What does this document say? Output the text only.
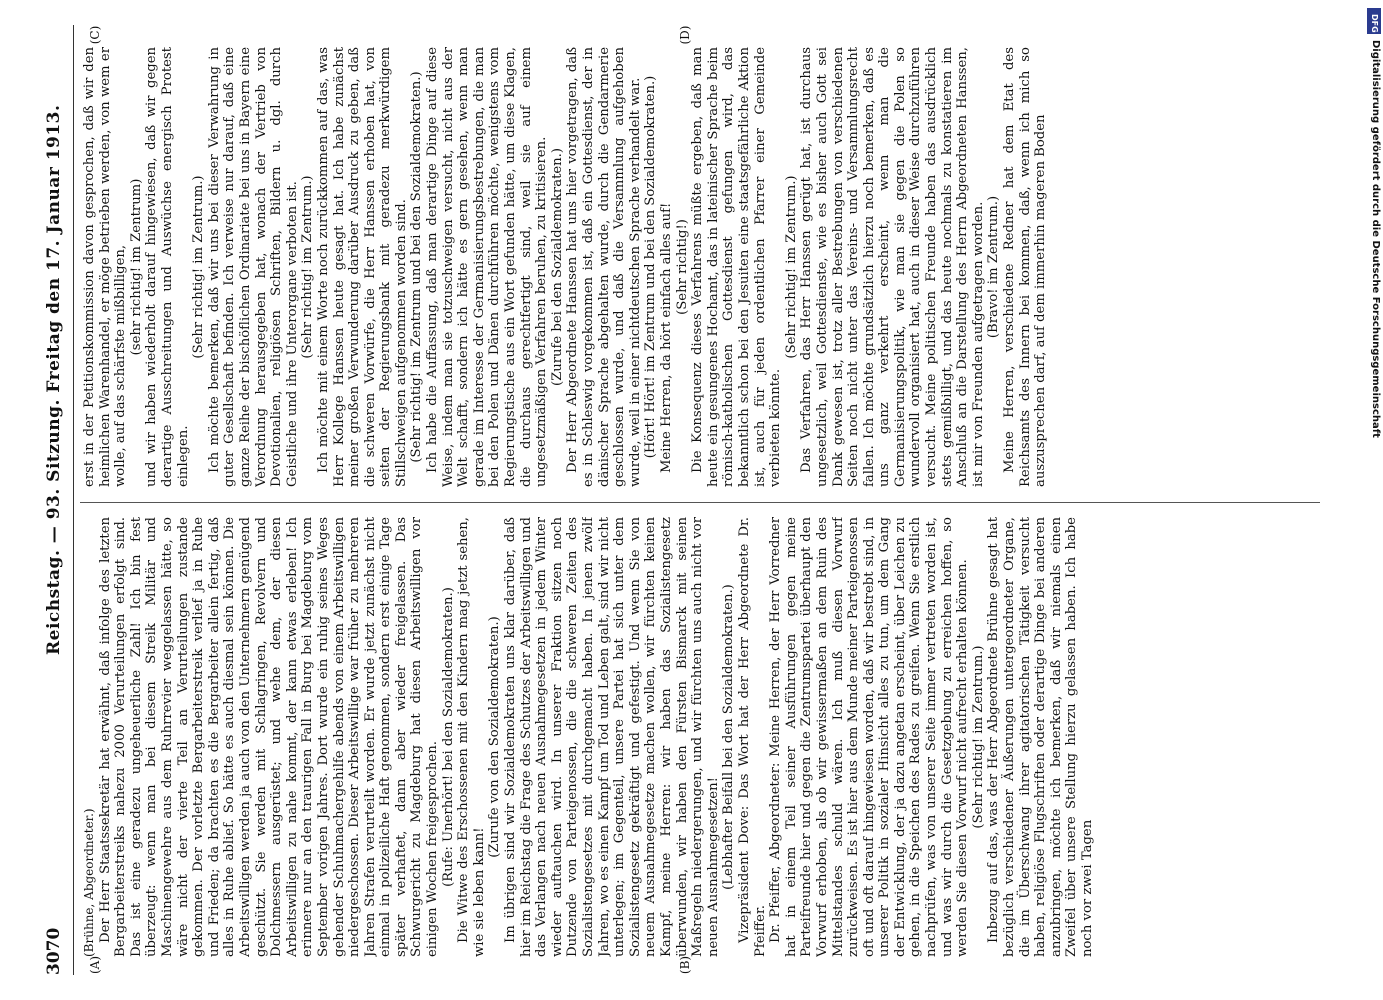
3070
Reichstag. — 93. Sitzung. Freitag den 17. Januar 1913.
(A)	(B)
(C)	(D)

(Brühne, Abgeordneter.) Der Herr Staatssekretär hat erwähnt, daß infolge des letzten Bergarbeiterstreiks nahezu 2000 Verurteilungen erfolgt sind. Das ist eine geradezu ungeheuerliche Zahl! Ich bin fest überzeugt: wenn man bei diesem Streik Militär und Maschinengewehre aus dem Ruhrrevier weggelassen hätte, so wäre nicht der vierte Teil an Verurteilungen zustande gekommen. Der vorletzte Bergarbeiterstreik verlief ja in Ruhe und Frieden; da brachten es die Bergarbeiter allein fertig, daß alles in Ruhe ablief. So hätte es auch diesmal sein können. Die Arbeitswilligen werden ja auch von den Unternehmern genügend geschützt. Sie werden mit Schlagringen, Revolvern und Dolchmessern ausgerüstet; und wehe dem, der diesen Arbeitswilligen zu nahe kommt, der kann etwas erleben! Ich erinnere nur an den traurigen Fall in Burg bei Magdeburg vom September vorigen Jahres. Dort wurde ein ruhig seines Weges gehender Schuhmachergehilfe abends von einem Arbeitswilligen niedergeschossen. Dieser Arbeitswillige war früher zu mehreren Jahren Strafen verurteilt worden. Er wurde jetzt zunächst nicht einmal in polizeiliche Haft genommen, sondern erst einige Tage später verhaftet, dann aber wieder freigelassen. Das Schwurgericht zu Magdeburg hat diesen Arbeitswilligen vor einigen Wochen freigesprochen. (Rufe: Unerhört! bei den Sozialdemokraten.) Die Witwe des Erschossenen mit den Kindern mag jetzt sehen, wie sie leben kann!

(Zurufe von den Sozialdemokraten.) Im übrigen sind wir Sozialdemokraten uns klar darüber, daß hier im Reichstag die Frage des Schutzes der Arbeitswilligen und das Verlangen nach neuen Ausnahmegesetzen in jedem Winter wieder auftauchen wird. In unserer Fraktion sitzen noch Dutzende von Parteigenossen, die die schweren Zeiten des Sozialistengesetzes mit durchgemacht haben. In jenen zwölf Jahren, wo es einen Kampf um Tod und Leben galt, sind wir nicht unterlegen; im Gegenteil, unsere Partei hat sich unter dem Sozialistengesetz gekräftigt und gefestigt. Und wenn Sie von neuem Ausnahmegesetze machen wollen, wir fürchten keinen Kampf, meine Herren: wir haben das Sozialistengesetz überwunden, wir haben den Fürsten Bismarck mit seinen Maßregeln niedergerungen, und wir fürchten uns auch nicht vor neuen Ausnahmegesetzen! (Lebhafter Beifall bei den Sozialdemokraten.) Vizepräsident Dove: Das Wort hat der Herr Abgeordnete Dr. Pfeiffer. Dr. Pfeiffer, Abgeordneter: Meine Herren, der Herr Vorredner hat in einem Teil seiner Ausführungen gegen meine Parteifreunde hier und gegen die Zentrumspartei überhaupt den Vorwurf erhoben, als ob wir gewissermaßen an dem Ruin des Mittelstandes schuld wären. Ich muß diesen Vorwurf zurückweisen. Es ist hier aus dem Munde meiner Parteigenossen oft und oft darauf hingewiesen worden, daß wir bestrebt sind, in unserer Politik in sozialer Hinsicht alles zu tun, um dem Gang der Entwicklung, der ja dazu angetan erscheint, über Leichen zu gehen, in die Speichen des Rades zu greifen. Wenn Sie erstlich nachprüfen, was von unserer Seite immer vertreten worden ist, und was wir durch die Gesetzgebung zu erreichen hoffen, so werden Sie diesen Vorwurf nicht aufrecht erhalten können. (Sehr richtig! im Zentrum.) Inbezug auf das, was der Herr Abgeordnete Brühne gesagt hat bezüglich verschiedener Äußerungen untergeordneter Organe, die im Überschwang ihrer agitatorischen Tätigkeit versucht haben, religiöse Flugschriften oder derartige Dinge bei anderen anzubringen, möchte ich bemerken, daß wir niemals einen Zweifel über unsere Stellung hierzu gelassen haben. Ich habe noch vor zwei Tagen

erst in der Petitionskommission davon gesprochen, daß wir den heimlichen Warenhandel, er möge betrieben werden, von wem er wolle, auf das schärfste mißbilligen, (sehr richtig! im Zentrum) und wir haben wiederholt darauf hingewiesen, daß wir gegen derartige Ausschreitungen und Auswüchse energisch Protest einlegen.

(Sehr richtig! im Zentrum.) Ich möchte bemerken, daß wir uns bei dieser Verwahrung in guter Gesellschaft befinden. Ich verweise nur darauf, daß eine ganze Reihe der bischöflichen Ordinariate bei uns in Bayern eine Verordnung herausgegeben hat, wonach der Vertrieb von Devotionalien, religiösen Schriften, Bildern u. dgl. durch Geistliche und ihre Unterorgane verboten ist. (Sehr richtig! im Zentrum.) Ich möchte mit einem Worte noch zurückkommen auf das, was Herr Kollege Hanssen heute gesagt hat. Ich habe zunächst meiner großen Verwunderung darüber Ausdruck zu geben, daß die schweren Vorwürfe, die Herr Hanssen erhoben hat, von seiten der Regierungsbank mit geradezu merkwürdigem Stillschweigen aufgenommen worden sind. (Sehr richtig! im Zentrum und bei den Sozialdemokraten.) Ich habe die Auffassung, daß man derartige Dinge auf diese Weise, indem man sie totzuschweigen versucht, nicht aus der Welt schafft, sondern ich hätte es gern gesehen, wenn man gerade im Interesse der Germanisierungsbestrebungen, die man bei den Polen und Dänen durchführen möchte, wenigstens vom Regierungstische aus ein Wort gefunden hätte, um diese Klagen, die durchaus gerechtfertigt sind, weil sie auf einem ungesetzmäßigen Verfahren beruhen, zu kritisieren. (Zurufe bei den Sozialdemokraten.) Der Herr Abgeordnete Hanssen hat uns hier vorgetragen, daß es in Schleswig vorgekommen ist, daß ein Gottesdienst, der in dänischer Sprache abgehalten wurde, durch die Gendarmerie geschlossen wurde, und daß die Versammlung aufgehoben wurde, weil in einer nichtdeutschen Sprache verhandelt war. (Hört! Hört! im Zentrum und bei den Sozialdemokraten.) Meine Herren, da hört einfach alles auf! (Sehr richtig!) Die Konsequenz dieses Verfahrens müßte ergeben, daß man heute ein gesungenes Hochamt, das in lateinischer Sprache beim römisch-katholischen Gottesdienst gefungen wird, das bekanntlich schon bei den Jesuiten eine staatsgefährliche Aktion ist, auch für jeden ordentlichen Pfarrer einer Gemeinde verbieten könnte.

(Sehr richtig! im Zentrum.) Das Verfahren, das Herr Hanssen gerügt hat, ist durchaus ungesetzlich, weil Gottesdienste, wie es bisher auch Gott sei Dank gewesen ist, trotz aller Bestrebungen von verschiedenen Seiten noch nicht unter das Vereins- und Versammlungsrecht fallen. Ich möchte grundsätzlich hierzu noch bemerken, daß es uns ganz verkehrt erscheint, wenn man die Germanisierungspolitik, wie man sie gegen die Polen so wundervoll organisiert hat, auch in dieser Weise durchzuführen versucht. Meine politischen Freunde haben das ausdrücklich stets gemißbilligt, und das heute nochmals zu konstatieren im Anschluß an die Darstellung des Herrn Abgeordneten Hanssen, ist mir von Freunden aufgetragen worden. (Bravo! im Zentrum.) Meine Herren, verschiedene Redner hat dem Etat des Reichsamts des Innern bei kommen, daß, wenn ich mich so auszusprechen darf, auf dem immerhin mageren Boden

DFG
Digitalisierung gefördert durch die Deutsche Forschungsgemeinschaft
